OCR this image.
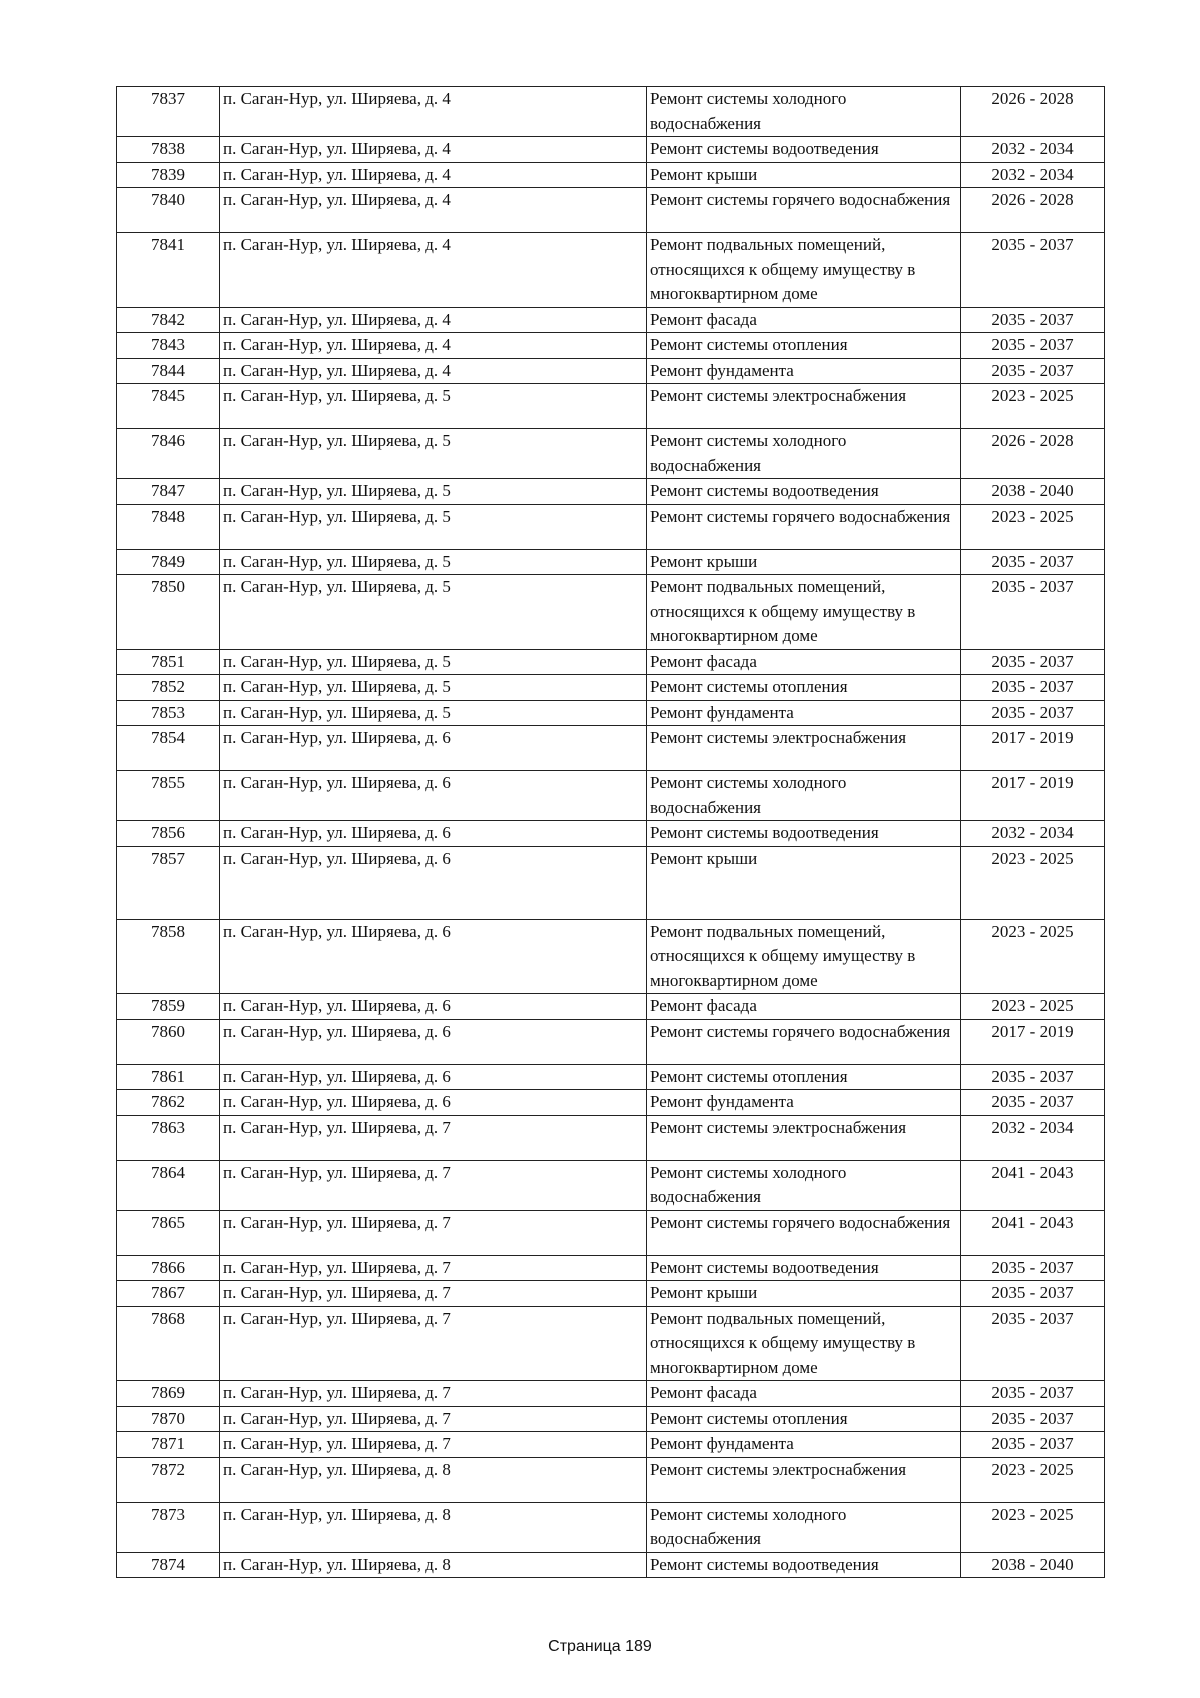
7837	п. Саган-Нур, ул. Ширяева, д. 4	Ремонт системы холодного водоснабжения	2026 - 2028
7838	п. Саган-Нур, ул. Ширяева, д. 4	Ремонт системы водоотведения	2032 - 2034
7839	п. Саган-Нур, ул. Ширяева, д. 4	Ремонт крыши	2032 - 2034
7840	п. Саган-Нур, ул. Ширяева, д. 4	Ремонт системы горячего водоснабжения	2026 - 2028
7841	п. Саган-Нур, ул. Ширяева, д. 4	Ремонт подвальных помещений, относящихся к общему имуществу в многоквартирном доме	2035 - 2037
7842	п. Саган-Нур, ул. Ширяева, д. 4	Ремонт фасада	2035 - 2037
7843	п. Саган-Нур, ул. Ширяева, д. 4	Ремонт системы отопления	2035 - 2037
7844	п. Саган-Нур, ул. Ширяева, д. 4	Ремонт фундамента	2035 - 2037
7845	п. Саган-Нур, ул. Ширяева, д. 5	Ремонт системы электроснабжения	2023 - 2025
7846	п. Саган-Нур, ул. Ширяева, д. 5	Ремонт системы холодного водоснабжения	2026 - 2028
7847	п. Саган-Нур, ул. Ширяева, д. 5	Ремонт системы водоотведения	2038 - 2040
7848	п. Саган-Нур, ул. Ширяева, д. 5	Ремонт системы горячего водоснабжения	2023 - 2025
7849	п. Саган-Нур, ул. Ширяева, д. 5	Ремонт крыши	2035 - 2037
7850	п. Саган-Нур, ул. Ширяева, д. 5	Ремонт подвальных помещений, относящихся к общему имуществу в многоквартирном доме	2035 - 2037
7851	п. Саган-Нур, ул. Ширяева, д. 5	Ремонт фасада	2035 - 2037
7852	п. Саган-Нур, ул. Ширяева, д. 5	Ремонт системы отопления	2035 - 2037
7853	п. Саган-Нур, ул. Ширяева, д. 5	Ремонт фундамента	2035 - 2037
7854	п. Саган-Нур, ул. Ширяева, д. 6	Ремонт системы электроснабжения	2017 - 2019
7855	п. Саган-Нур, ул. Ширяева, д. 6	Ремонт системы холодного водоснабжения	2017 - 2019
7856	п. Саган-Нур, ул. Ширяева, д. 6	Ремонт системы водоотведения	2032 - 2034
7857	п. Саган-Нур, ул. Ширяева, д. 6	Ремонт крыши	2023 - 2025
7858	п. Саган-Нур, ул. Ширяева, д. 6	Ремонт подвальных помещений, относящихся к общему имуществу в многоквартирном доме	2023 - 2025
7859	п. Саган-Нур, ул. Ширяева, д. 6	Ремонт фасада	2023 - 2025
7860	п. Саган-Нур, ул. Ширяева, д. 6	Ремонт системы горячего водоснабжения	2017 - 2019
7861	п. Саган-Нур, ул. Ширяева, д. 6	Ремонт системы отопления	2035 - 2037
7862	п. Саган-Нур, ул. Ширяева, д. 6	Ремонт фундамента	2035 - 2037
7863	п. Саган-Нур, ул. Ширяева, д. 7	Ремонт системы электроснабжения	2032 - 2034
7864	п. Саган-Нур, ул. Ширяева, д. 7	Ремонт системы холодного водоснабжения	2041 - 2043
7865	п. Саган-Нур, ул. Ширяева, д. 7	Ремонт системы горячего водоснабжения	2041 - 2043
7866	п. Саган-Нур, ул. Ширяева, д. 7	Ремонт системы водоотведения	2035 - 2037
7867	п. Саган-Нур, ул. Ширяева, д. 7	Ремонт крыши	2035 - 2037
7868	п. Саган-Нур, ул. Ширяева, д. 7	Ремонт подвальных помещений, относящихся к общему имуществу в многоквартирном доме	2035 - 2037
7869	п. Саган-Нур, ул. Ширяева, д. 7	Ремонт фасада	2035 - 2037
7870	п. Саган-Нур, ул. Ширяева, д. 7	Ремонт системы отопления	2035 - 2037
7871	п. Саган-Нур, ул. Ширяева, д. 7	Ремонт фундамента	2035 - 2037
7872	п. Саган-Нур, ул. Ширяева, д. 8	Ремонт системы электроснабжения	2023 - 2025
7873	п. Саган-Нур, ул. Ширяева, д. 8	Ремонт системы холодного водоснабжения	2023 - 2025
7874	п. Саган-Нур, ул. Ширяева, д. 8	Ремонт системы водоотведения	2038 - 2040
Страница 189
